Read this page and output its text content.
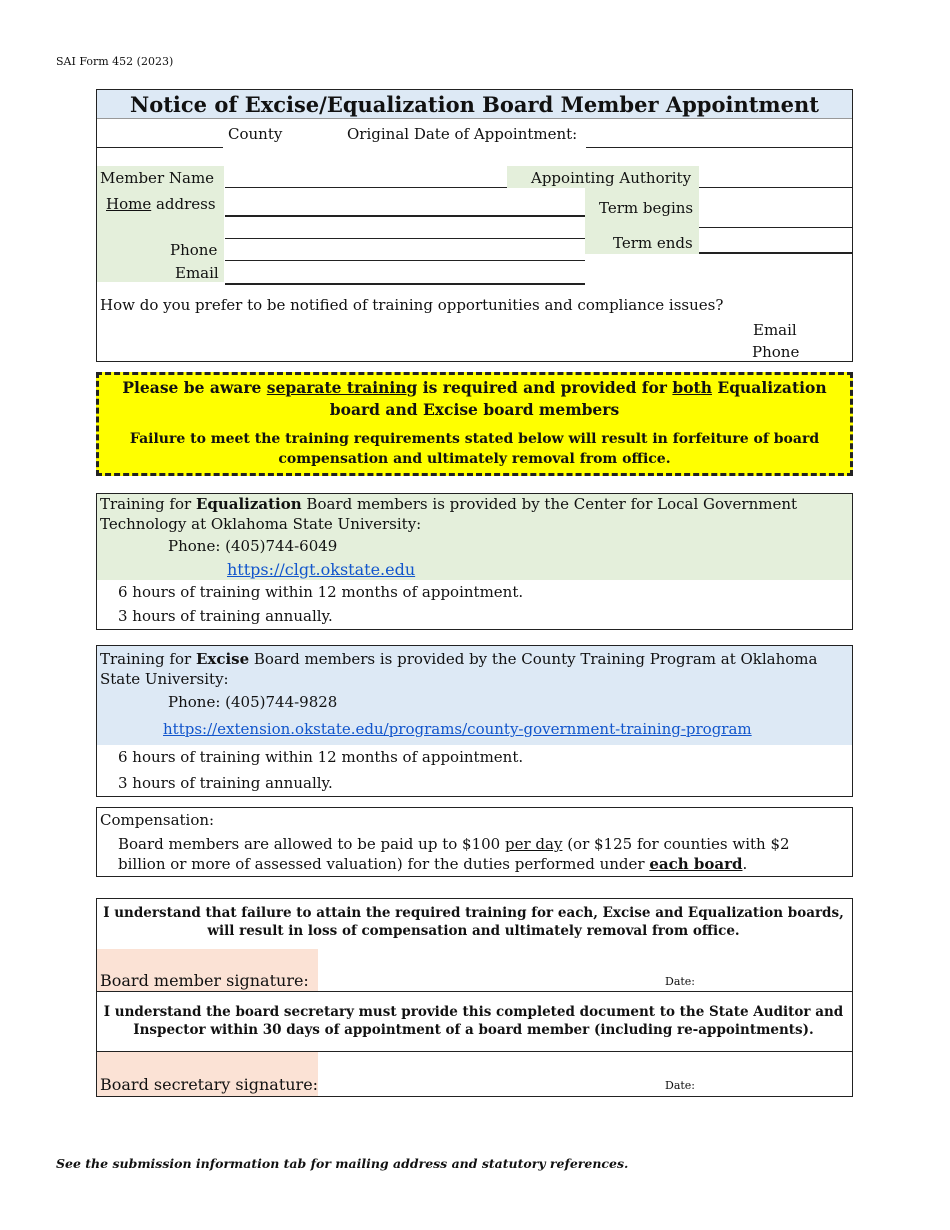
SAI Form 452 (2023)
Notice of Excise/Equalization Board Member Appointment
County	Original Date of Appointment:
Member Name
Home address
Phone
Email
Appointing Authority
Term begins
Term ends
How do you prefer to be notified of training opportunities and compliance issues?
Email
Phone
Please be aware separate training is required and provided for both Equalization board and Excise board members
Failure to meet the training requirements stated below will result in forfeiture of board compensation and ultimately removal from office.
Training for Equalization Board members is provided by the Center for Local Government Technology at Oklahoma State University:
Phone: (405)744-6049
https://clgt.okstate.edu
6 hours of training within 12 months of appointment.
3 hours of training annually.
Training for Excise Board members is provided by the County Training Program at Oklahoma State University:
Phone: (405)744-9828
https://extension.okstate.edu/programs/county-government-training-program
6 hours of training within 12 months of appointment.
3 hours of training annually.
Compensation:
Board members are allowed to be paid up to $100 per day (or $125 for counties with $2 billion or more of assessed valuation) for the duties performed under each board.
I understand that failure to attain the required training for each, Excise and Equalization boards, will result in loss of compensation and ultimately removal from office.
Board member signature:	Date:
I understand the board secretary must provide this completed document to the State Auditor and Inspector within 30 days of appointment of a board member (including re-appointments).
Board secretary signature:	Date:
See the submission information tab for mailing address and statutory references.
